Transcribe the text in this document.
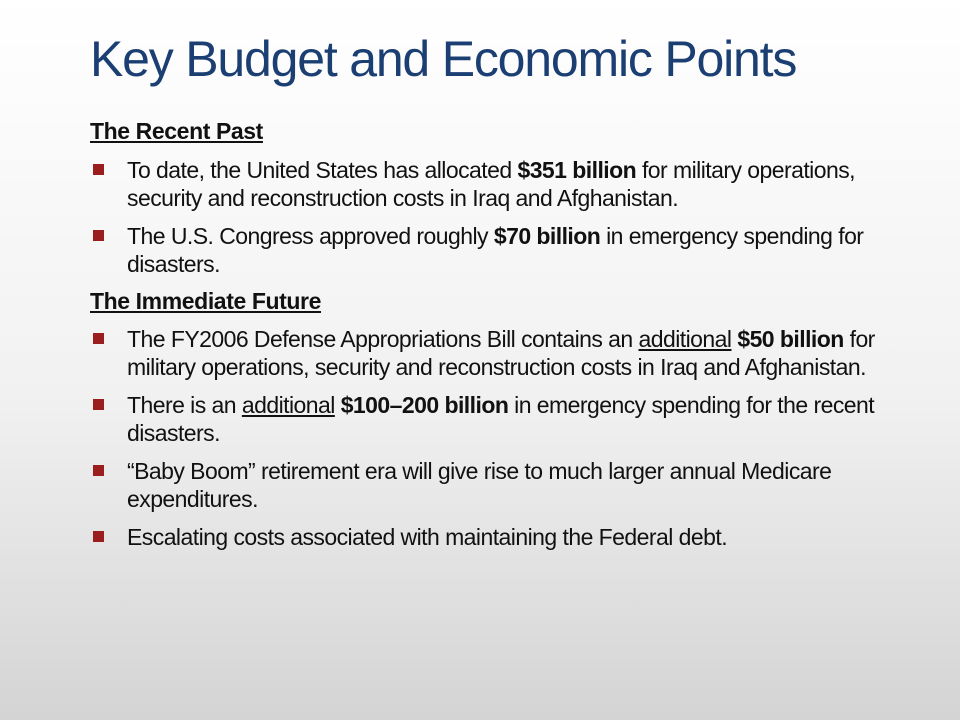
Key Budget and Economic Points
The Recent Past
To date, the United States has allocated $351 billion for military operations, security and reconstruction costs in Iraq and Afghanistan.
The U.S. Congress approved roughly $70 billion in emergency spending for disasters.
The Immediate Future
The FY2006 Defense Appropriations Bill contains an additional $50 billion for military operations, security and reconstruction costs in Iraq and Afghanistan.
There is an additional $100–200 billion in emergency spending for the recent disasters.
“Baby Boom” retirement era will give rise to much larger annual Medicare expenditures.
Escalating costs associated with maintaining the Federal debt.
